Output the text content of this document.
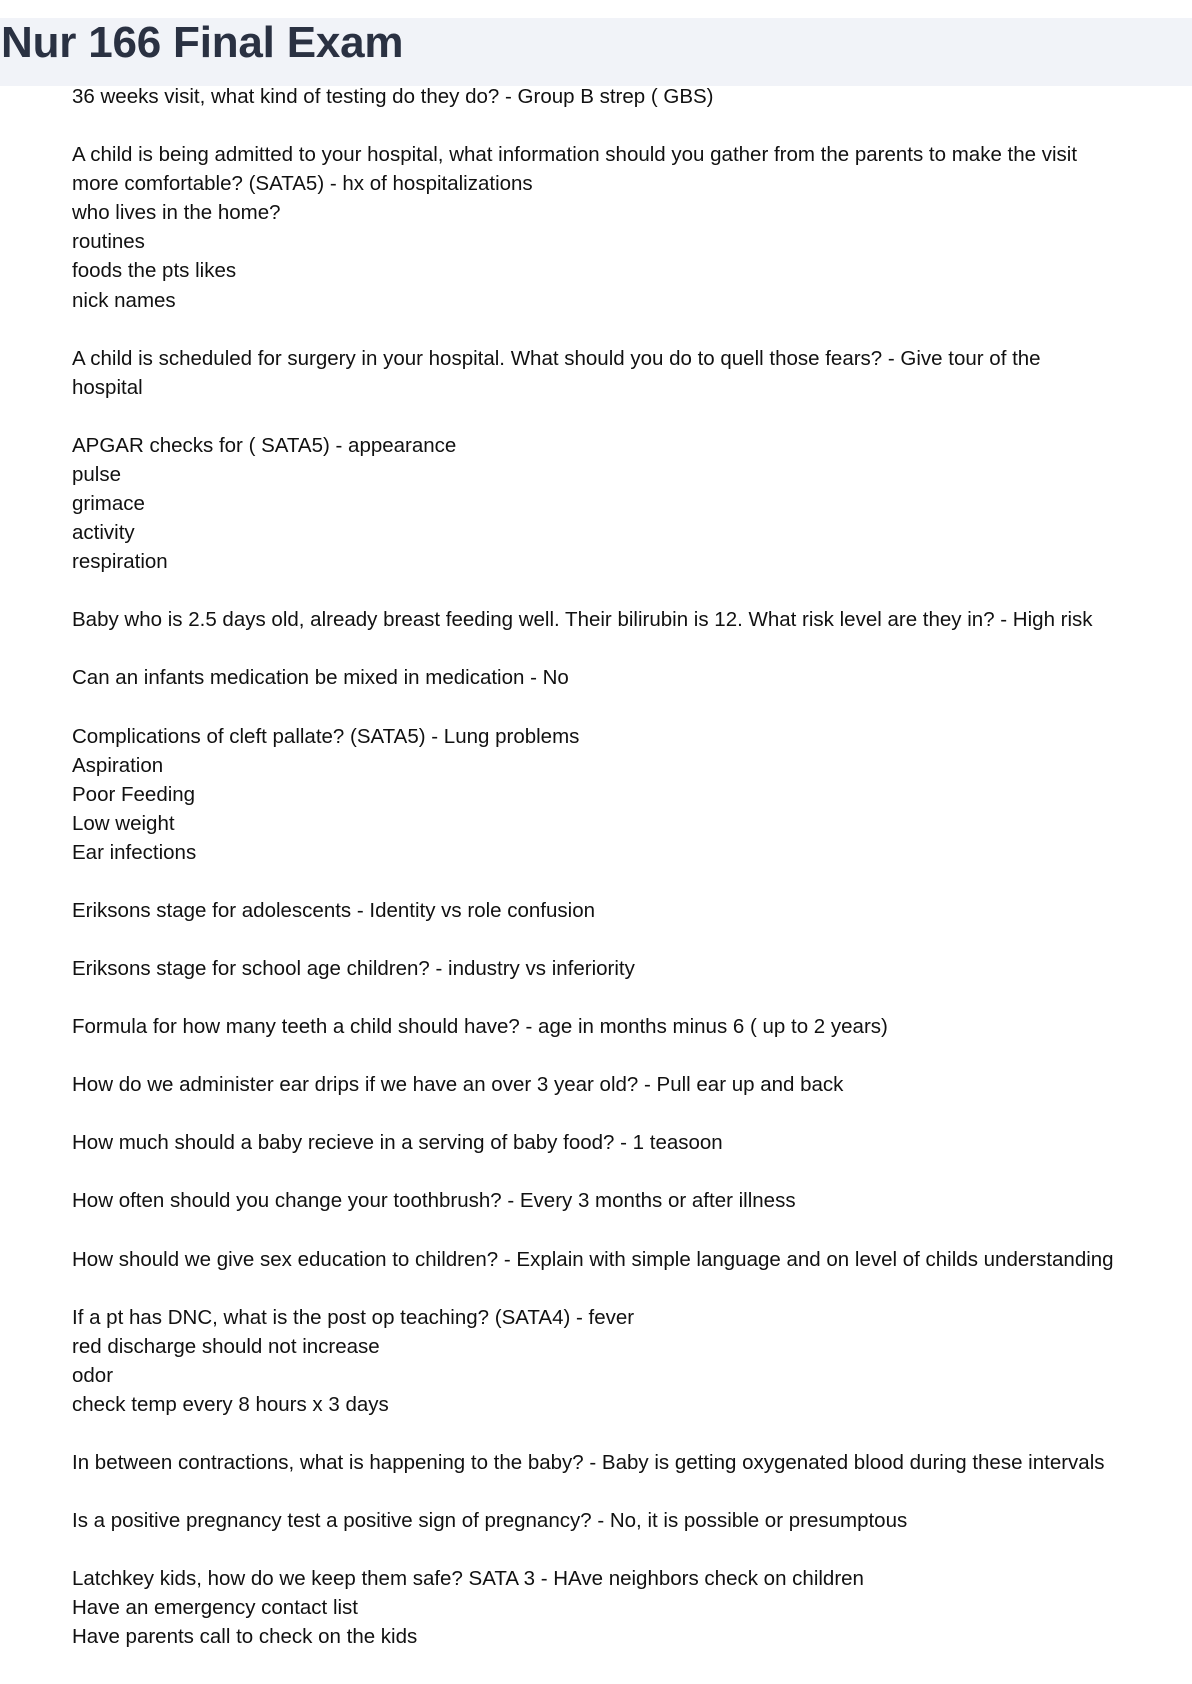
Nur 166 Final Exam
36 weeks visit, what kind of testing do they do? - Group B strep ( GBS)
A child is being admitted to your hospital, what information should you gather from the parents to make the visit
more comfortable? (SATA5) - hx of hospitalizations
who lives in the home?
routines
foods the pts likes
nick names
A child is scheduled for surgery in your hospital. What should you do to quell those fears? - Give tour of the
hospital
APGAR checks for ( SATA5) - appearance
pulse
grimace
activity
respiration
Baby who is 2.5 days old, already breast feeding well. Their bilirubin is 12. What risk level are they in? - High risk
Can an infants medication be mixed in medication - No
Complications of cleft pallate? (SATA5) - Lung problems
Aspiration
Poor Feeding
Low weight
Ear infections
Eriksons stage for adolescents - Identity vs role confusion
Eriksons stage for school age children? - industry vs inferiority
Formula for how many teeth a child should have? - age in months minus 6 ( up to 2 years)
How do we administer ear drips if we have an over 3 year old? - Pull ear up and back
How much should a baby recieve in a serving of baby food? - 1 teasoon
How often should you change your toothbrush? - Every 3 months or after illness
How should we give sex education to children? - Explain with simple language and on level of childs understanding
If a pt has DNC, what is the post op teaching? (SATA4) - fever
red discharge should not increase
odor
check temp every 8 hours x 3 days
In between contractions, what is happening to the baby? - Baby is getting oxygenated blood during these intervals
Is a positive pregnancy test a positive sign of pregnancy? - No, it is possible or presumptous
Latchkey kids, how do we keep them safe? SATA 3 - HAve neighbors check on children
Have an emergency contact list
Have parents call to check on the kids
